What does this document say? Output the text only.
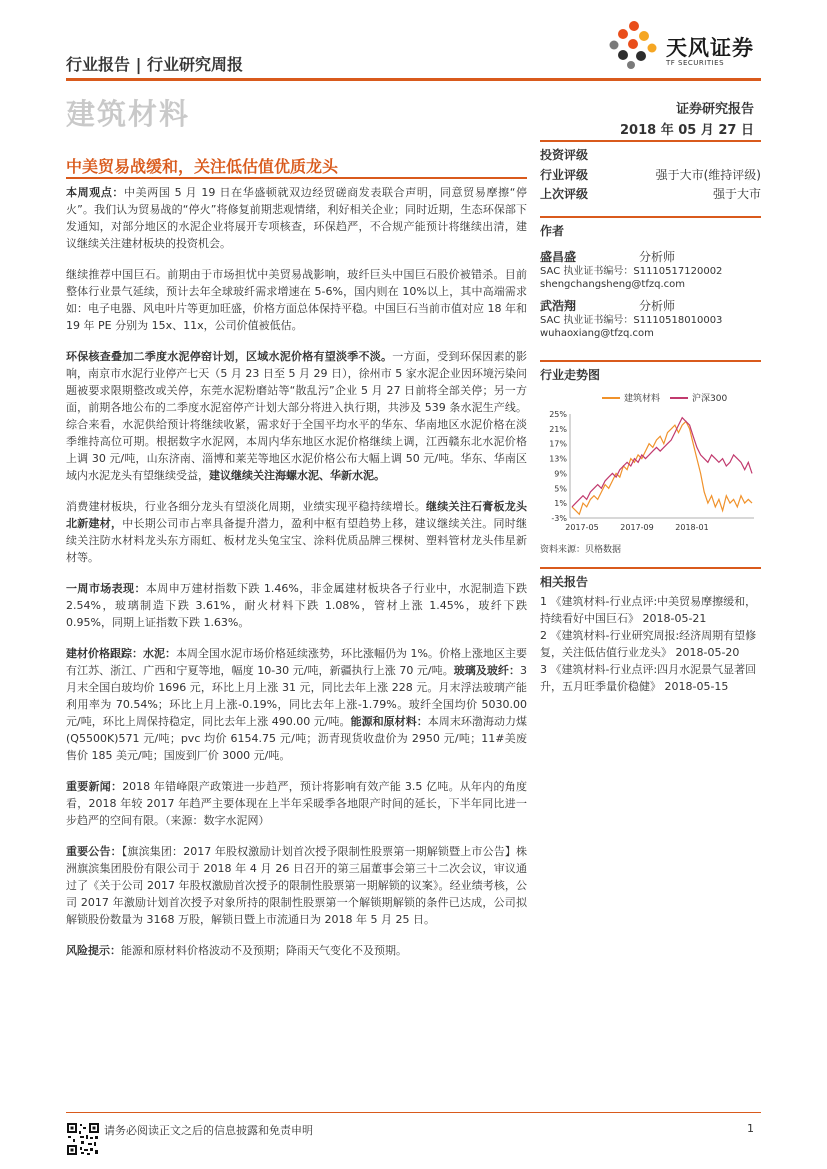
天风证券
TF SECURITIES
行业报告 | 行业研究周报
建筑材料	证券研究报告
2018 年 05 月 27 日
中美贸易战缓和，关注低估值优质龙头

本周观点：中美两国 5 月 19 日在华盛顿就双边经贸磋商发表联合声明，同意贸易摩擦“停火”。我们认为贸易战的“停火”将修复前期悲观情绪，利好相关企业；同时近期，生态环保部下发通知，对部分地区的水泥企业将展开专项核查，环保趋严，不合规产能预计将继续出清，建议继续关注建材板块的投资机会。

继续推荐中国巨石。前期由于市场担忧中美贸易战影响，玻纤巨头中国巨石股价被错杀。目前整体行业景气延续，预计去年全球玻纤需求增速在 5-6%，国内则在 10%以上，其中高端需求如：电子电器、风电叶片等更加旺盛，价格方面总体保持平稳。中国巨石当前市值对应 18 年和 19 年 PE 分别为 15x、11x，公司价值被低估。

环保核查叠加二季度水泥停窑计划，区域水泥价格有望淡季不淡。一方面，受到环保因素的影响，南京市水泥行业停产七天（5 月 23 日至 5 月 29 日），徐州市 5 家水泥企业因环境污染问题被要求限期整改或关停，东莞水泥粉磨站等“散乱污”企业 5 月 27 日前将全部关停；另一方面，前期各地公布的二季度水泥窑停产计划大部分将进入执行期，共涉及 539 条水泥生产线。综合来看，水泥供给预计将继续收紧，需求好于全国平均水平的华东、华南地区水泥价格在淡季维持高位可期。根据数字水泥网，本周内华东地区水泥价格继续上调，江西赣东北水泥价格上调 30 元/吨，山东济南、淄博和莱芜等地区水泥价格公布大幅上调 50 元/吨。华东、华南区域内水泥龙头有望继续受益，建议继续关注海螺水泥、华新水泥。

消费建材板块，行业各细分龙头有望淡化周期，业绩实现平稳持续增长。继续关注石膏板龙头北新建材，中长期公司市占率具备提升潜力，盈利中枢有望趋势上移，建议继续关注。同时继续关注防水材料龙头东方雨虹、板材龙头兔宝宝、涂料优质品牌三棵树、塑料管材龙头伟星新材等。

一周市场表现：本周申万建材指数下跌 1.46%，非金属建材板块各子行业中，水泥制造下跌 2.54%，玻璃制造下跌 3.61%，耐火材料下跌 1.08%，管材上涨 1.45%，玻纤下跌 0.95%，同期上证指数下跌 1.63%。

建材价格跟踪：水泥：本周全国水泥市场价格延续涨势，环比涨幅仍为 1%。价格上涨地区主要有江苏、浙江、广西和宁夏等地，幅度 10-30 元/吨，新疆执行上涨 70 元/吨。玻璃及玻纤：3 月末全国白玻均价 1696 元，环比上月上涨 31 元，同比去年上涨 228 元。月末浮法玻璃产能利用率为 70.54%；环比上月上涨-0.19%，同比去年上涨-1.79%。玻纤全国均价 5030.00 元/吨，环比上周保持稳定，同比去年上涨 490.00 元/吨。能源和原材料：本周末环渤海动力煤(Q5500K)571 元/吨；pvc 均价 6154.75 元/吨；沥青现货收盘价为 2950 元/吨；11#美废售价 185 美元/吨；国废到厂价 3000 元/吨。

重要新闻：2018 年错峰限产政策进一步趋严，预计将影响有效产能 3.5 亿吨。从年内的角度看，2018 年较 2017 年趋严主要体现在上半年采暖季各地限产时间的延长，下半年同比进一步趋严的空间有限。（来源：数字水泥网）

重要公告：【旗滨集团：2017 年股权激励计划首次授予限制性股票第一期解锁暨上市公告】株洲旗滨集团股份有限公司于 2018 年 4 月 26 日召开的第三届董事会第三十二次会议，审议通过了《关于公司 2017 年股权激励首次授予的限制性股票第一期解锁的议案》。经业绩考核，公司 2017 年激励计划首次授予对象所持的限制性股票第一个解锁期解锁的条件已达成，公司拟解锁股份数量为 3168 万股，解锁日暨上市流通日为 2018 年 5 月 25 日。

风险提示：能源和原材料价格波动不及预期；降雨天气变化不及预期。

投资评级
行业评级	强于大市(维持评级)
上次评级	强于大市
作者
盛昌盛	分析师
SAC 执业证书编号：S1110517120002
shengchangsheng@tfzq.com
武浩翔	分析师
SAC 执业证书编号：S1110518010003
wuhaoxiang@tfzq.com
行业走势图
建筑材料	沪深300
-3%
1%
5%
9%
13%
17%
21%
25%
2017-05	2017-09	2018-01
资料来源：贝格数据
相关报告
1 《建筑材料-行业点评:中美贸易摩擦缓和，持续看好中国巨石》 2018-05-21
2 《建筑材料-行业研究周报:经济周期有望修复，关注低估值行业龙头》 2018-05-20
3 《建筑材料-行业点评:四月水泥景气显著回升，五月旺季量价稳健》 2018-05-15
请务必阅读正文之后的信息披露和免责申明	1
